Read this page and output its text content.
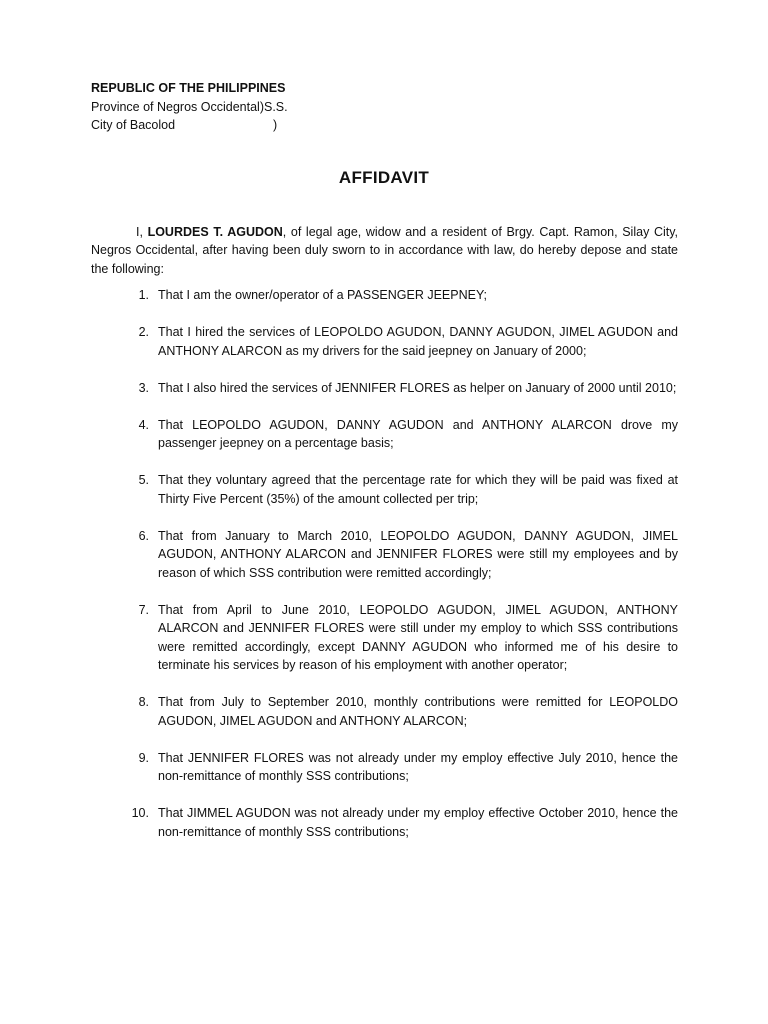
REPUBLIC OF THE PHILIPPINES
Province of Negros Occidental)S.S.
City of Bacolod	)
AFFIDAVIT

I, LOURDES T. AGUDON, of legal age, widow and a resident of Brgy. Capt. Ramon, Silay City, Negros Occidental, after having been duly sworn to in accordance with law, do hereby depose and state the following:

1. That I am the owner/operator of a PASSENGER JEEPNEY;
2. That I hired the services of LEOPOLDO AGUDON, DANNY AGUDON, JIMEL AGUDON and ANTHONY ALARCON as my drivers for the said jeepney on January of 2000;
3. That I also hired the services of JENNIFER FLORES as helper on January of 2000 until 2010;
4. That LEOPOLDO AGUDON, DANNY AGUDON and ANTHONY ALARCON drove my passenger jeepney on a percentage basis;
5. That they voluntary agreed that the percentage rate for which they will be paid was fixed at Thirty Five Percent (35%) of the amount collected per trip;
6. That from January to March 2010, LEOPOLDO AGUDON, DANNY AGUDON, JIMEL AGUDON, ANTHONY ALARCON and JENNIFER FLORES were still my employees and by reason of which SSS contribution were remitted accordingly;
7. That from April to June 2010, LEOPOLDO AGUDON, JIMEL AGUDON, ANTHONY ALARCON and JENNIFER FLORES were still under my employ to which SSS contributions were remitted accordingly, except DANNY AGUDON who informed me of his desire to terminate his services by reason of his employment with another operator;
8. That from July to September 2010, monthly contributions were remitted for LEOPOLDO AGUDON, JIMEL AGUDON and ANTHONY ALARCON;
9. That JENNIFER FLORES was not already under my employ effective July 2010, hence the non-remittance of monthly SSS contributions;
10. That JIMMEL AGUDON was not already under my employ effective October 2010, hence the non-remittance of monthly SSS contributions;
